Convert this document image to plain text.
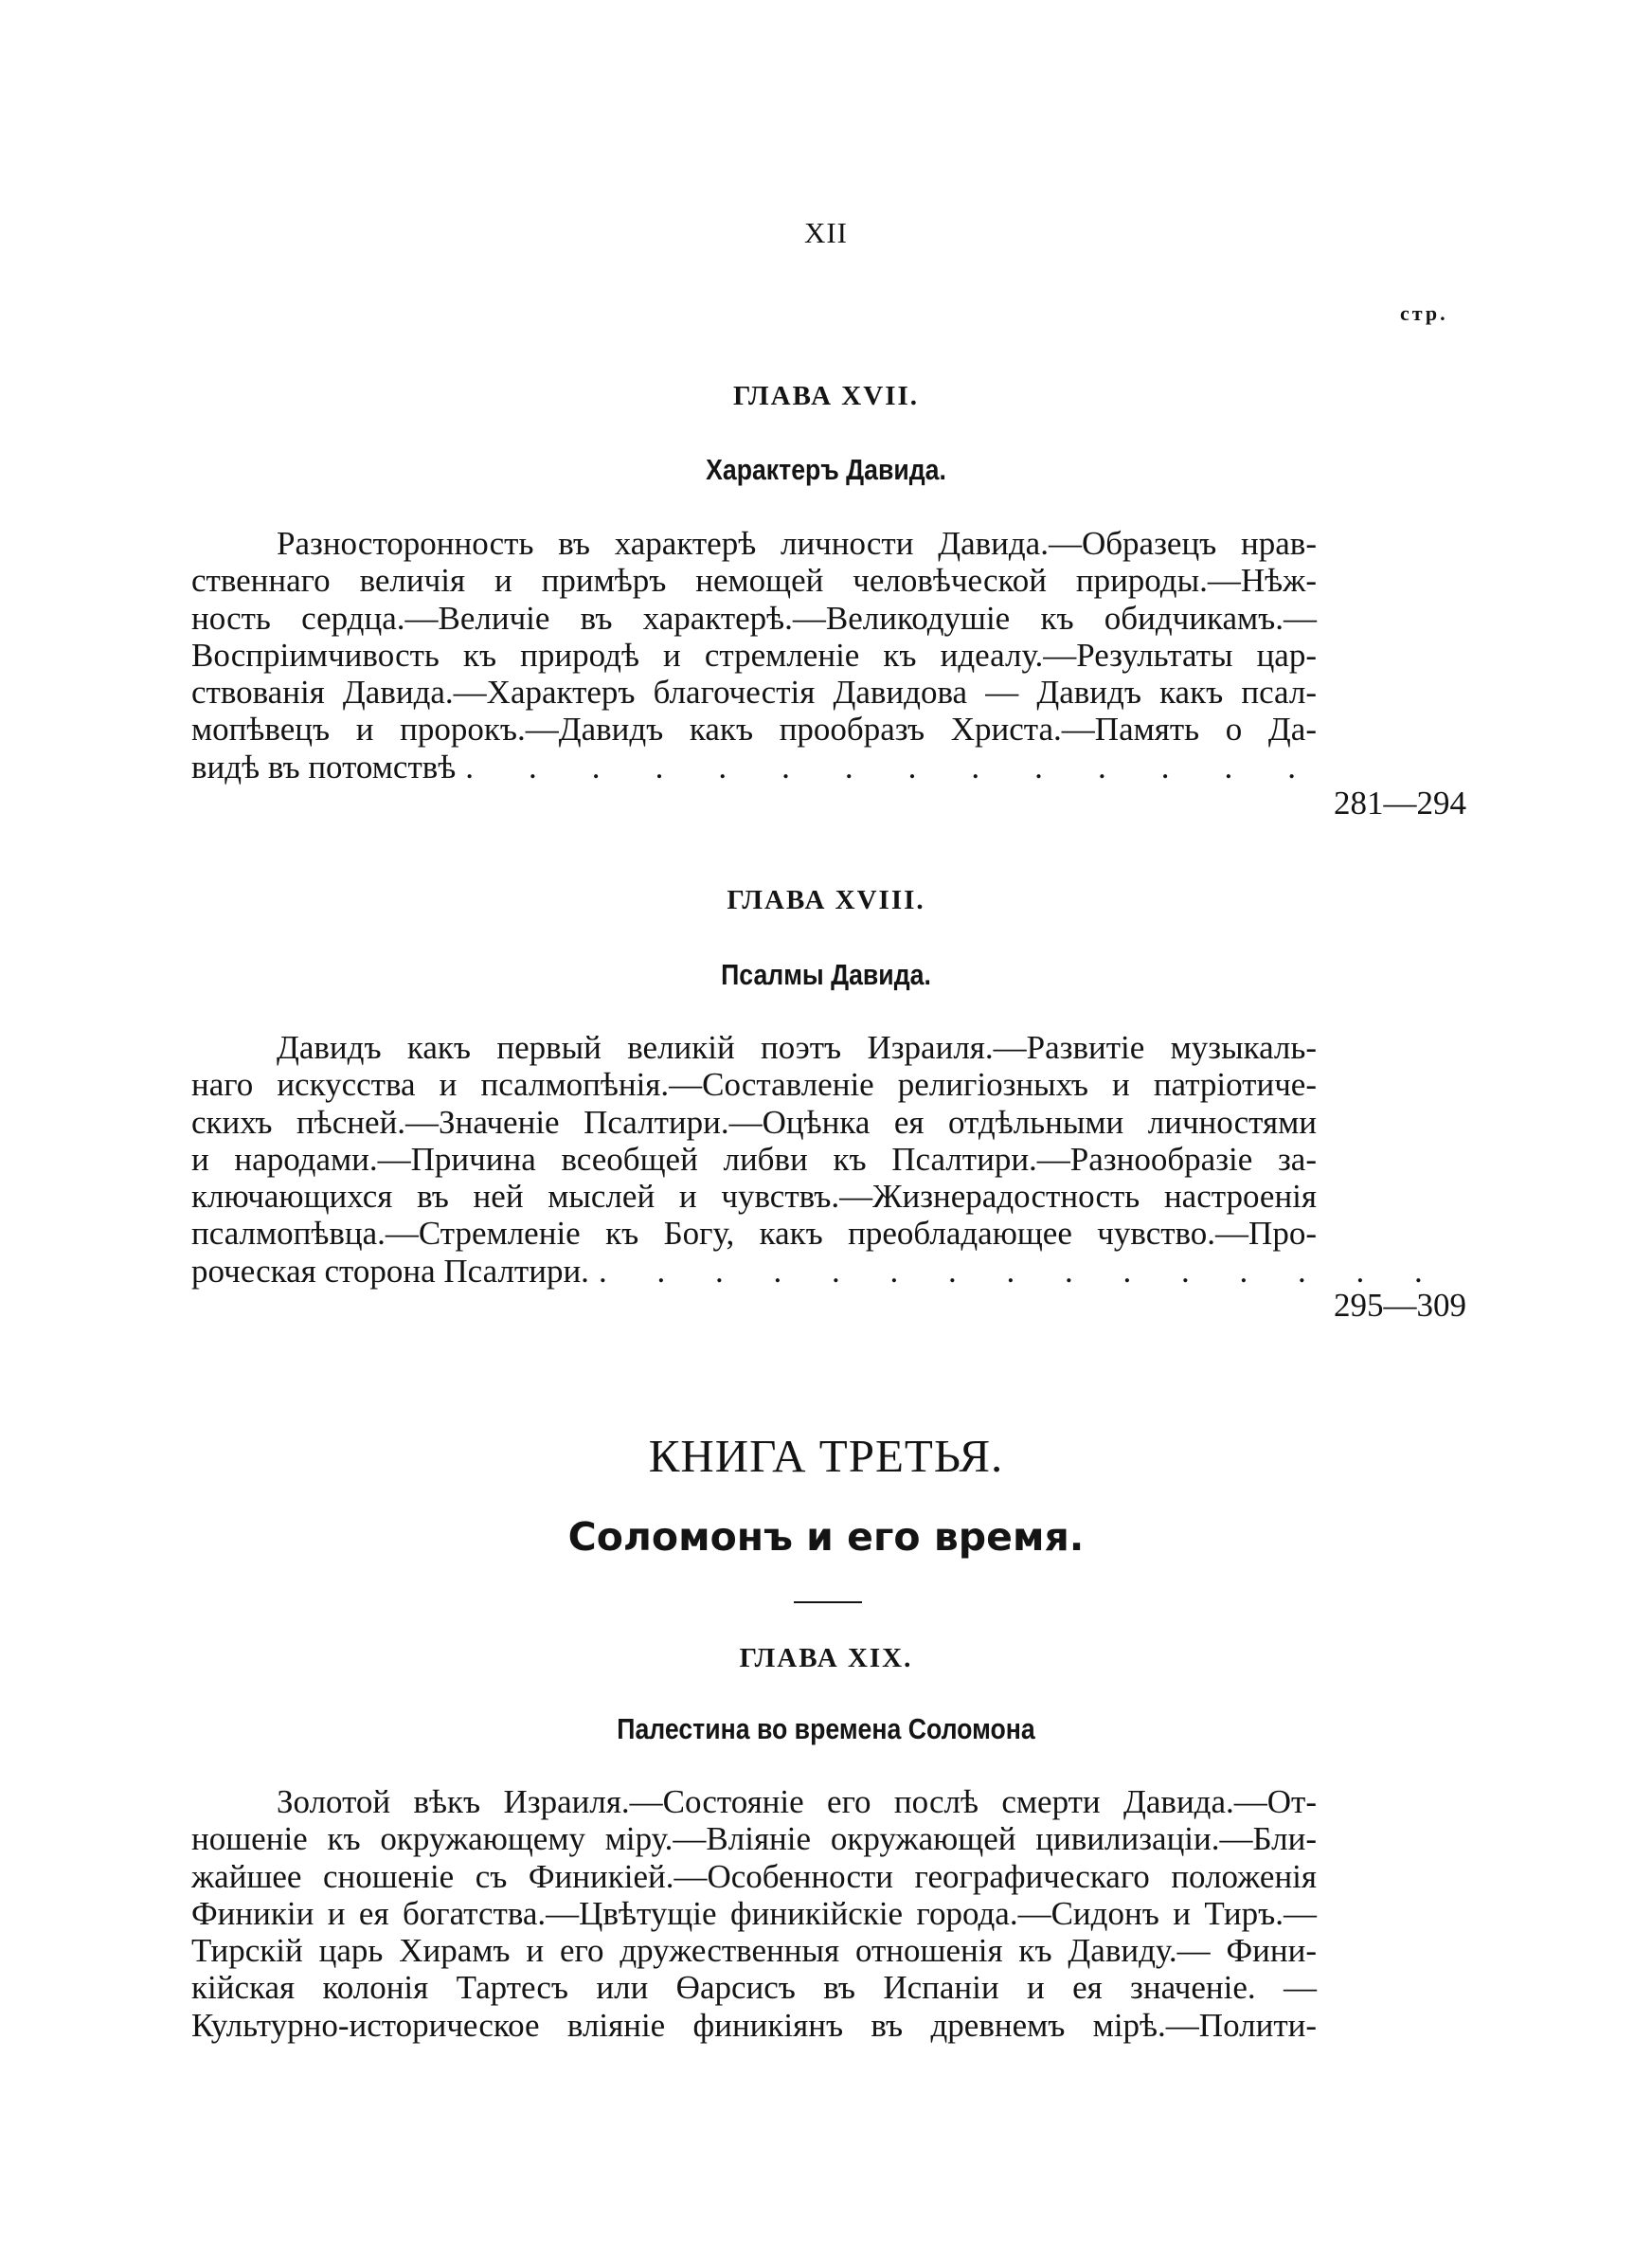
XII
стр.
ГЛАВА XVII.
Характеръ Давида.
Разносторонность въ характерѣ личности Давида.—Образецъ нрав-
ственнаго величія и примѣръ немощей человѣческой природы.—Нѣж-
ность сердца.—Величіе въ характерѣ.—Великодушіе къ обидчикамъ.—
Воспріимчивость къ природѣ и стремленіе къ идеалу.—Результаты цар-
ствованія Давида.—Характеръ благочестія Давидова — Давидъ какъ псал-
мопѣвецъ и пророкъ.—Давидъ какъ прообразъ Христа.—Память о Да-
видѣ въ потомствѣ . . . . . . . . . . . . . .
281—294
ГЛАВА XVIII.
Псалмы Давида.
Давидъ какъ первый великій поэтъ Израиля.—Развитіе музыкаль-
наго искусства и псалмопѣнія.—Составленіе религіозныхъ и патріотиче-
скихъ пѣсней.—Значеніе Псалтири.—Оцѣнка ея отдѣльными личностями
и народами.—Причина всеобщей либви къ Псалтири.—Разнообразіе за-
ключающихся въ ней мыслей и чувствъ.—Жизнерадостность настроенія
псалмопѣвца.—Стремленіе къ Богу, какъ преобладающее чувство.—Про-
роческая сторона Псалтири. . . . . . . . . . . . . . . .
295—309
КНИГА ТРЕТЬЯ.
Соломонъ и его время.
ГЛАВА XIX.
Палестина во времена Соломона
Золотой вѣкъ Израиля.—Состояніе его послѣ смерти Давида.—От-
ношеніе къ окружающему міру.—Вліяніе окружающей цивилизаціи.—Бли-
жайшее сношеніе съ Финикіей.—Особенности географическаго положенія
Финикіи и ея богатства.—Цвѣтущіе финикійскіе города.—Сидонъ и Тиръ.—
Тирскій царь Хирамъ и его дружественныя отношенія къ Давиду.— Фини-
кійская колонія Тартесъ или Өарсисъ въ Испаніи и ея значеніе. —
Культурно-историческое вліяніе финикіянъ въ древнемъ мірѣ.—Полити-
